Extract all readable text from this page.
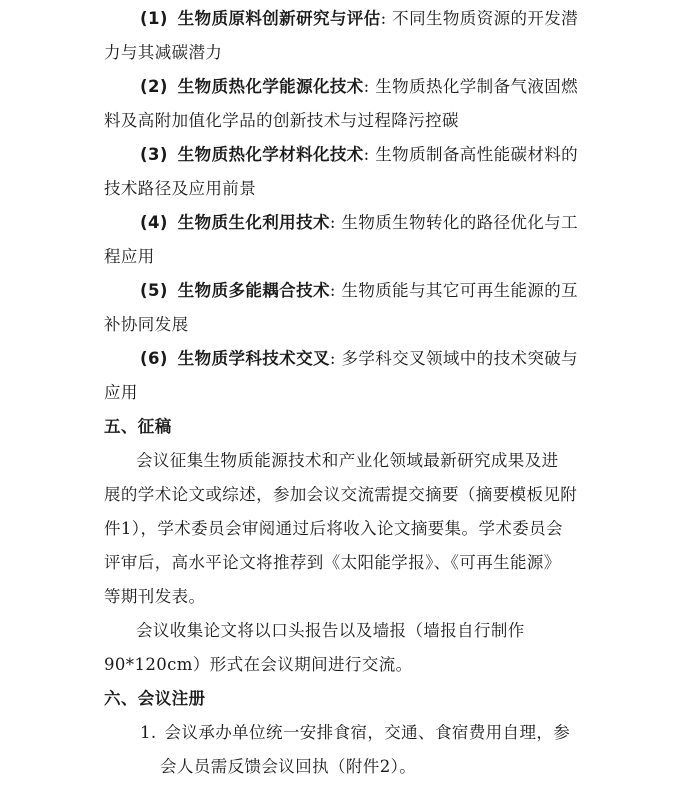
(1) 生物质原料创新研究与评估: 不同生物质资源的开发潜
力与其减碳潜力
(2) 生物质热化学能源化技术: 生物质热化学制备气液固燃
料及高附加值化学品的创新技术与过程降污控碳
(3) 生物质热化学材料化技术: 生物质制备高性能碳材料的
技术路径及应用前景
(4) 生物质生化利用技术: 生物质生物转化的路径优化与工
程应用
(5) 生物质多能耦合技术: 生物质能与其它可再生能源的互
补协同发展
(6) 生物质学科技术交叉: 多学科交叉领域中的技术突破与
应用
五、征稿
会议征集生物质能源技术和产业化领域最新研究成果及进
展的学术论文或综述，参加会议交流需提交摘要（摘要模板见附
件1），学术委员会审阅通过后将收入论文摘要集。学术委员会
评审后，高水平论文将推荐到《太阳能学报》、《可再生能源》
等期刊发表。
会议收集论文将以口头报告以及墙报（墙报自行制作
90*120cm）形式在会议期间进行交流。
六、会议注册
1. 会议承办单位统一安排食宿，交通、食宿费用自理，参
会人员需反馈会议回执（附件2）。
